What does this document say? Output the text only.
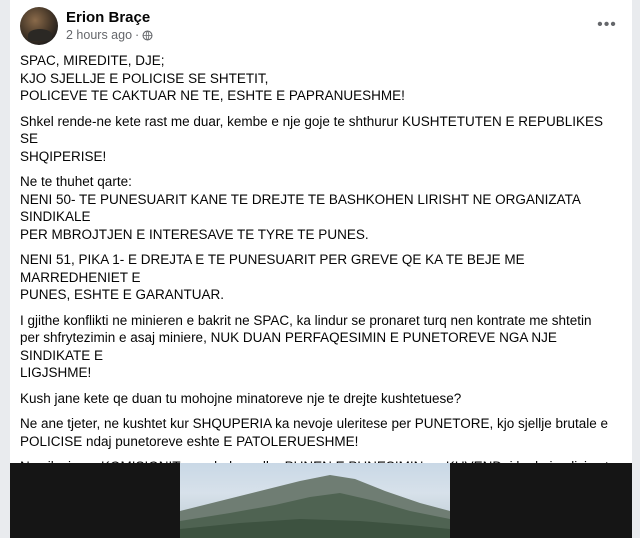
Erion Braçe
2 hours ago ·
•••
SPAC, MIREDITE, DJE;
KJO SJELLJE E POLICISE SE SHTETIT,
POLICEVE TE CAKTUAR NE TE, ESHTE E PAPRANUESHME!
Shkel rende-ne kete rast me duar, kembe e nje goje te shthurur KUSHTETUTEN E REPUBLIKES SE
SHQIPERISE!
Ne te thuhet qarte:
NENI 50- TE PUNESUARIT KANE TE DREJTE TE BASHKOHEN LIRISHT NE ORGANIZATA SINDIKALE
PER MBROJTJEN E INTERESAVE TE TYRE TE PUNES.
NENI 51, PIKA 1- E DREJTA E TE PUNESUARIT PER GREVE QE KA TE BEJE ME MARREDHENIET E
PUNES, ESHTE E GARANTUAR.
I gjithe konflikti ne minieren e bakrit ne SPAC, ka lindur se pronaret turq nen kontrate me shtetin
per shfrytezimin e asaj miniere, NUK DUAN PERFAQESIMIN E PUNETOREVE NGA NJE SINDIKATE E
LIGJSHME!
Kush jane kete qe duan tu mohojne minatoreve nje te drejte kushtetuese?
Ne ane tjeter, ne kushtet kur SHQUPERIA ka nevoje uleritese per PUNETORE, kjo sjellje brutale e
POLICISE ndaj punetoreve eshte E PATOLERUESHME!
